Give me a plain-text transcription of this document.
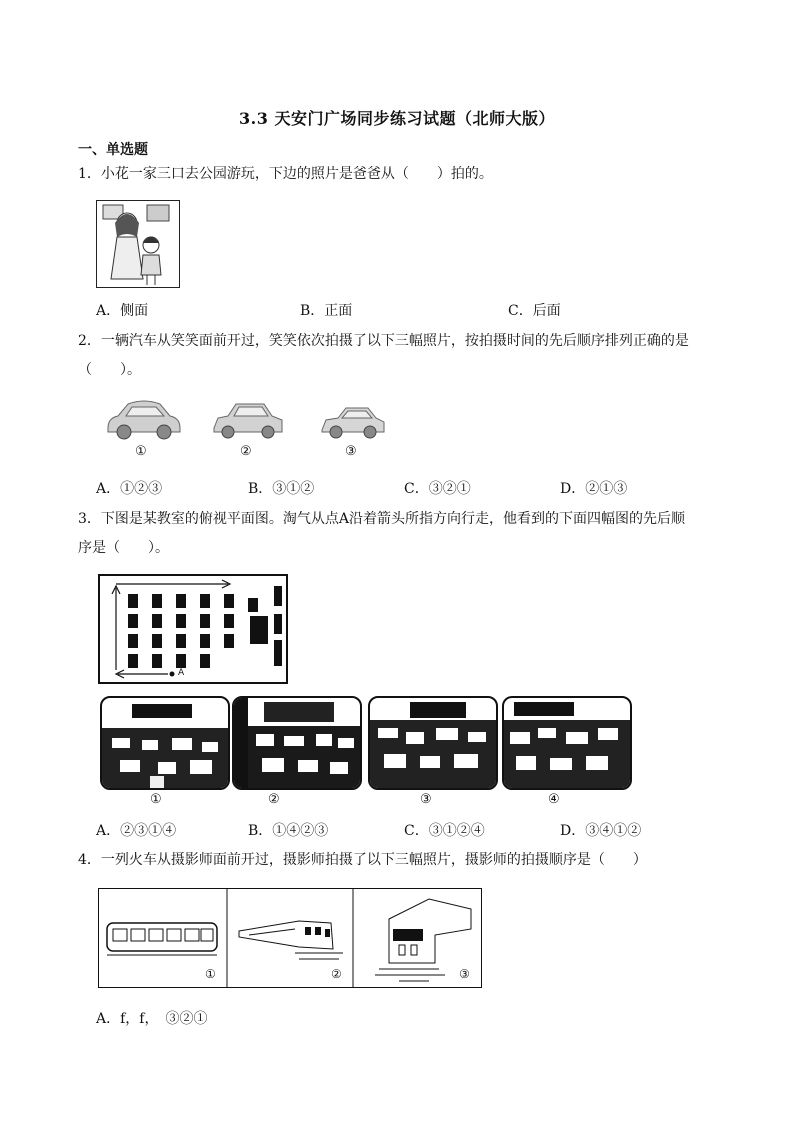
3.3 天安门广场同步练习试题（北师大版）
一、单选题
1．小花一家三口去公园游玩，下边的照片是爸爸从（　　）拍的。
A．侧面	B．正面	C．后面
2．一辆汽车从笑笑面前开过，笑笑依次拍摄了以下三幅照片，按拍摄时间的先后顺序排列正确的是
（　　）。
①	②	③
A．①②③	B．③①②	C．③②①	D．②①③
3．下图是某教室的俯视平面图。淘气从点A沿着箭头所指方向行走，他看到的下面四幅图的先后顺
序是（　　）。
A
①	②	③	④
A．②③①④	B．①④②③	C．③①②④	D．③④①②
4．一列火车从摄影师面前开过，摄影师拍摄了以下三幅照片，摄影师的拍摄顺序是（　　）
①	②	③
A．f，f，　③②①
